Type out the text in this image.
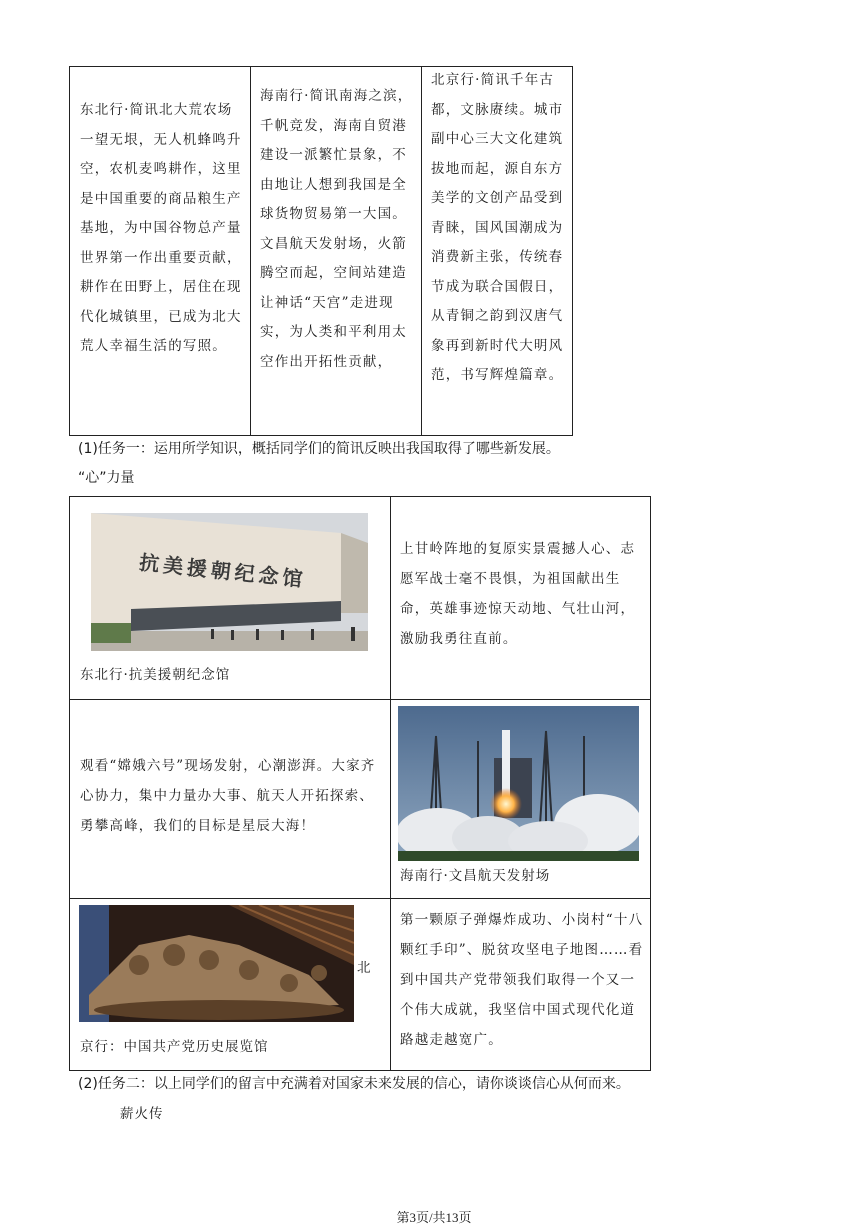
东北行·简讯北大荒农场一望无垠，无人机蜂鸣升空，农机麦鸣耕作，这里是中国重要的商品粮生产基地，为中国谷物总产量世界第一作出重要贡献，耕作在田野上，居住在现代化城镇里，已成为北大荒人幸福生活的写照。
海南行·简讯南海之滨，千帆竞发，海南自贸港建设一派繁忙景象，不由地让人想到我国是全球货物贸易第一大国。文昌航天发射场，火箭腾空而起，空间站建造让神话“天宫”走进现实，为人类和平利用太空作出开拓性贡献，
北京行·简讯千年古都，文脉赓续。城市副中心三大文化建筑拔地而起，源自东方美学的文创产品受到青睐，国风国潮成为消费新主张，传统春节成为联合国假日，从青铜之韵到汉唐气象再到新时代大明风范，书写辉煌篇章。
(1)任务一：运用所学知识，概括同学们的简讯反映出我国取得了哪些新发展。
“心”力量
抗美援朝纪念馆
东北行·抗美援朝纪念馆
上甘岭阵地的复原实景震撼人心、志愿军战士毫不畏惧，为祖国献出生命，英雄事迹惊天动地、气壮山河，激励我勇往直前。
观看“嫦娥六号”现场发射，心潮澎湃。大家齐心协力，集中力量办大事、航天人开拓探索、勇攀高峰，我们的目标是星辰大海！
海南行·文昌航天发射场
北
京行：中国共产党历史展览馆
第一颗原子弹爆炸成功、小岗村“十八颗红手印”、脱贫攻坚电子地图……看到中国共产党带领我们取得一个又一个伟大成就，我坚信中国式现代化道路越走越宽广。
(2)任务二：以上同学们的留言中充满着对国家未来发展的信心，请你谈谈信心从何而来。
薪火传
第3页/共13页
